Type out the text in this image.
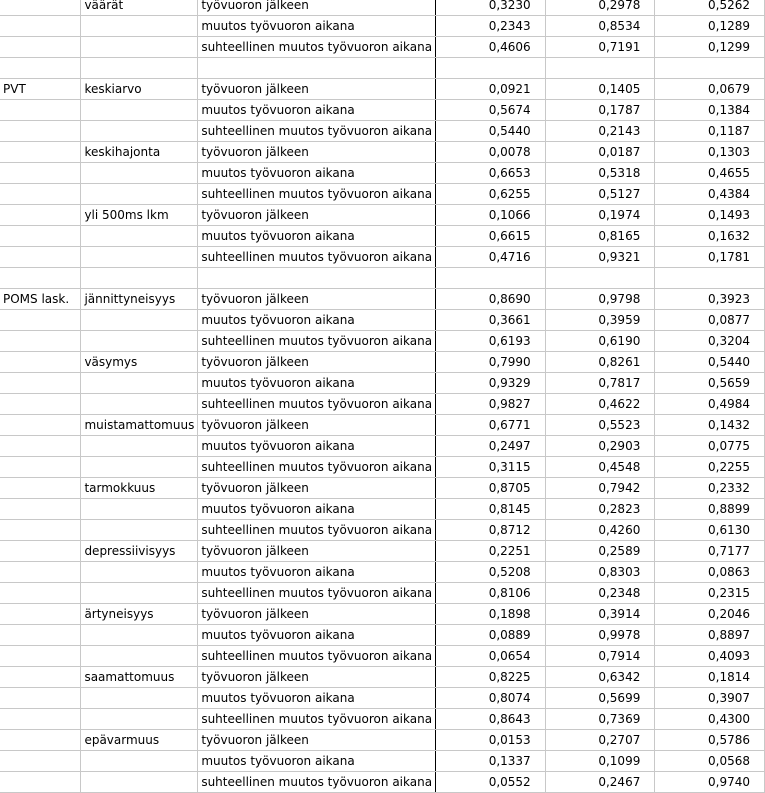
	väärät	työvuoron jälkeen	0,3230	0,2978	0,5262
		muutos työvuoron aikana	0,2343	0,8534	0,1289
		suhteellinen muutos työvuoron aikana	0,4606	0,7191	0,1299

PVT	keskiarvo	työvuoron jälkeen	0,0921	0,1405	0,0679
		muutos työvuoron aikana	0,5674	0,1787	0,1384
		suhteellinen muutos työvuoron aikana	0,5440	0,2143	0,1187
	keskihajonta	työvuoron jälkeen	0,0078	0,0187	0,1303
		muutos työvuoron aikana	0,6653	0,5318	0,4655
		suhteellinen muutos työvuoron aikana	0,6255	0,5127	0,4384
	yli 500ms lkm	työvuoron jälkeen	0,1066	0,1974	0,1493
		muutos työvuoron aikana	0,6615	0,8165	0,1632
		suhteellinen muutos työvuoron aikana	0,4716	0,9321	0,1781

POMS lask.	jännittyneisyys	työvuoron jälkeen	0,8690	0,9798	0,3923
		muutos työvuoron aikana	0,3661	0,3959	0,0877
		suhteellinen muutos työvuoron aikana	0,6193	0,6190	0,3204
	väsymys	työvuoron jälkeen	0,7990	0,8261	0,5440
		muutos työvuoron aikana	0,9329	0,7817	0,5659
		suhteellinen muutos työvuoron aikana	0,9827	0,4622	0,4984
	muistamattomuus	työvuoron jälkeen	0,6771	0,5523	0,1432
		muutos työvuoron aikana	0,2497	0,2903	0,0775
		suhteellinen muutos työvuoron aikana	0,3115	0,4548	0,2255
	tarmokkuus	työvuoron jälkeen	0,8705	0,7942	0,2332
		muutos työvuoron aikana	0,8145	0,2823	0,8899
		suhteellinen muutos työvuoron aikana	0,8712	0,4260	0,6130
	depressiivisyys	työvuoron jälkeen	0,2251	0,2589	0,7177
		muutos työvuoron aikana	0,5208	0,8303	0,0863
		suhteellinen muutos työvuoron aikana	0,8106	0,2348	0,2315
	ärtyneisyys	työvuoron jälkeen	0,1898	0,3914	0,2046
		muutos työvuoron aikana	0,0889	0,9978	0,8897
		suhteellinen muutos työvuoron aikana	0,0654	0,7914	0,4093
	saamattomuus	työvuoron jälkeen	0,8225	0,6342	0,1814
		muutos työvuoron aikana	0,8074	0,5699	0,3907
		suhteellinen muutos työvuoron aikana	0,8643	0,7369	0,4300
	epävarmuus	työvuoron jälkeen	0,0153	0,2707	0,5786
		muutos työvuoron aikana	0,1337	0,1099	0,0568
		suhteellinen muutos työvuoron aikana	0,0552	0,2467	0,9740
